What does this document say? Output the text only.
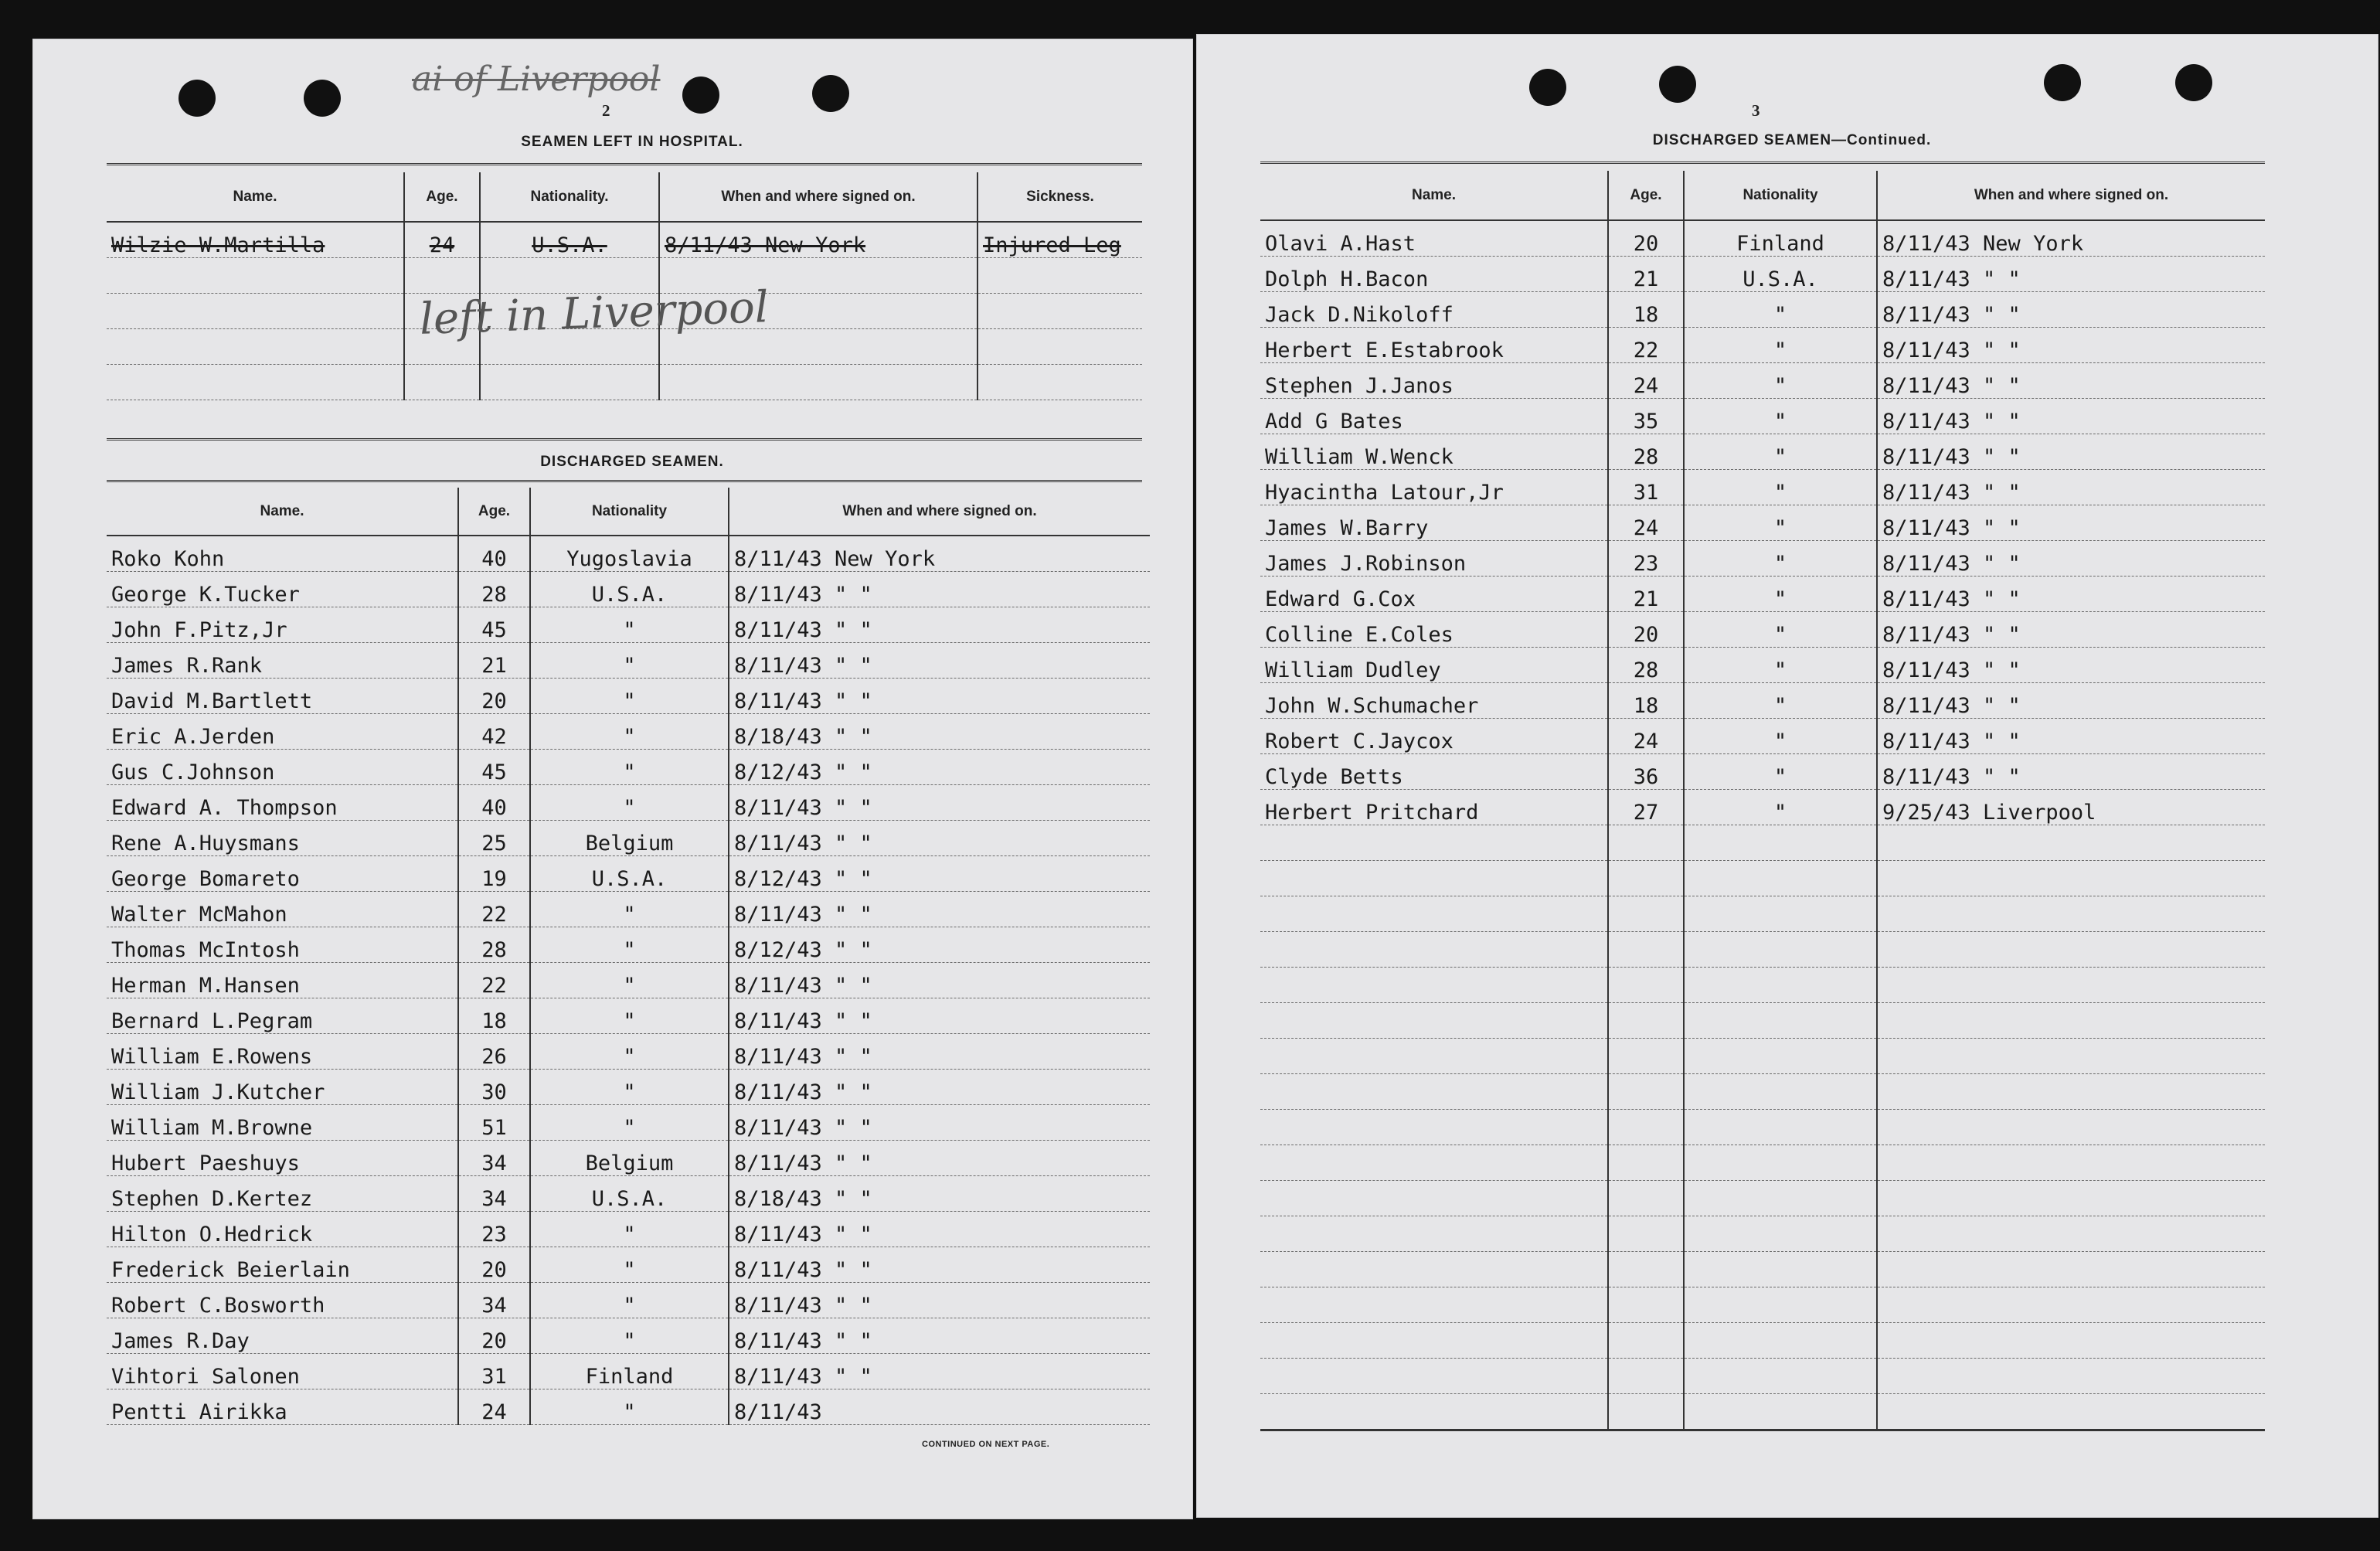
ai of Liverpool
2
SEAMEN LEFT IN HOSPITAL.
Name.	Age.	Nationality.	When and where signed on.	Sickness.
Wilzie W.Martilla	24	U.S.A.	8/11/43 New York	Injured Leg

left in Liverpool
DISCHARGED SEAMEN.
Name.	Age.	Nationality	When and where signed on.
Roko Kohn	40	Yugoslavia	8/11/43 New York
George K.Tucker	28	U.S.A.	8/11/43 " "
John F.Pitz,Jr	45	"	8/11/43 " "
James R.Rank	21	"	8/11/43 " "
David M.Bartlett	20	"	8/11/43 " "
Eric A.Jerden	42	"	8/18/43 " "
Gus C.Johnson	45	"	8/12/43 " "
Edward A. Thompson	40	"	8/11/43 " "
Rene A.Huysmans	25	Belgium	8/11/43 " "
George Bomareto	19	U.S.A.	8/12/43 " "
Walter McMahon	22	"	8/11/43 " "
Thomas McIntosh	28	"	8/12/43 " "
Herman M.Hansen	22	"	8/11/43 " "
Bernard L.Pegram	18	"	8/11/43 " "
William E.Rowens	26	"	8/11/43 " "
William J.Kutcher	30	"	8/11/43 " "
William M.Browne	51	"	8/11/43 " "
Hubert Paeshuys	34	Belgium	8/11/43 " "
Stephen D.Kertez	34	U.S.A.	8/18/43 " "
Hilton O.Hedrick	23	"	8/11/43 " "
Frederick Beierlain	20	"	8/11/43 " "
Robert C.Bosworth	34	"	8/11/43 " "
James R.Day	20	"	8/11/43 " "
Vihtori Salonen	31	Finland	8/11/43 " "
Pentti Airikka	24	"	8/11/43
CONTINUED ON NEXT PAGE.
3
DISCHARGED SEAMEN—Continued.
Name.	Age.	Nationality	When and where signed on.
Olavi A.Hast	20	Finland	8/11/43 New York
Dolph H.Bacon	21	U.S.A.	8/11/43 " "
Jack D.Nikoloff	18	"	8/11/43 " "
Herbert E.Estabrook	22	"	8/11/43 " "
Stephen J.Janos	24	"	8/11/43 " "
Add G Bates	35	"	8/11/43 " "
William W.Wenck	28	"	8/11/43 " "
Hyacintha Latour,Jr	31	"	8/11/43 " "
James W.Barry	24	"	8/11/43 " "
James J.Robinson	23	"	8/11/43 " "
Edward G.Cox	21	"	8/11/43 " "
Colline E.Coles	20	"	8/11/43 " "
William Dudley	28	"	8/11/43 " "
John W.Schumacher	18	"	8/11/43 " "
Robert C.Jaycox	24	"	8/11/43 " "
Clyde Betts	36	"	8/11/43 " "
Herbert Pritchard	27	"	9/25/43 Liverpool
